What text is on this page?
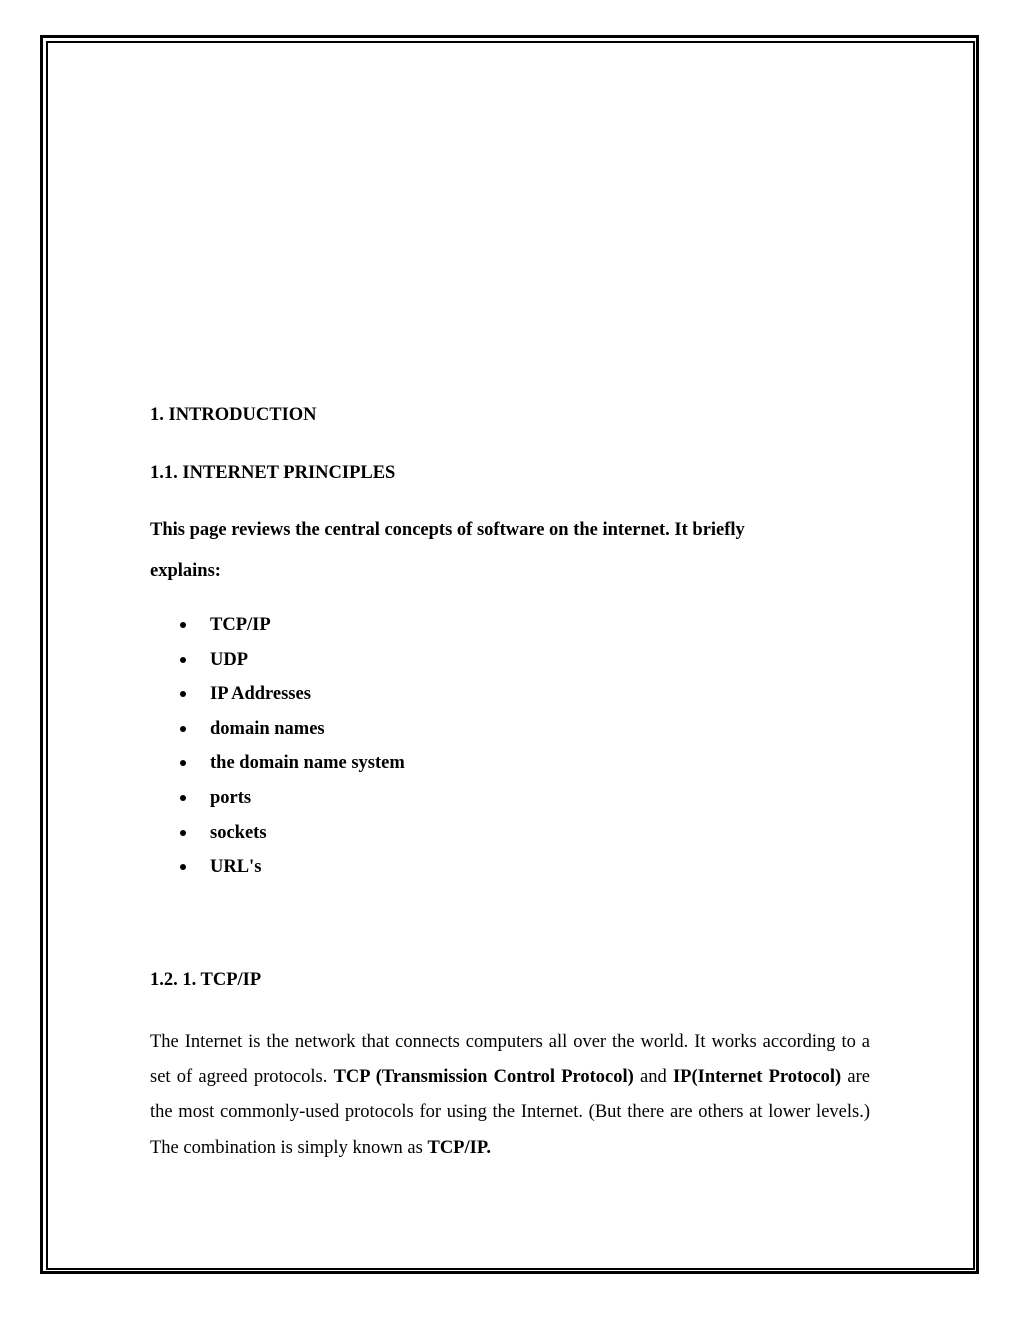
1. INTRODUCTION
1.1. INTERNET PRINCIPLES
This page reviews the central concepts of software on the internet. It briefly
explains:
TCP/IP
UDP
IP Addresses
domain names
the domain name system
ports
sockets
URL's
1.2. 1. TCP/IP
The Internet is the network that connects computers all over the world. It works according to a set of agreed protocols. TCP (Transmission Control Protocol) and IP(Internet Protocol) are the most commonly-used protocols for using the Internet. (But there are others at lower levels.) The combination is simply known as TCP/IP.
